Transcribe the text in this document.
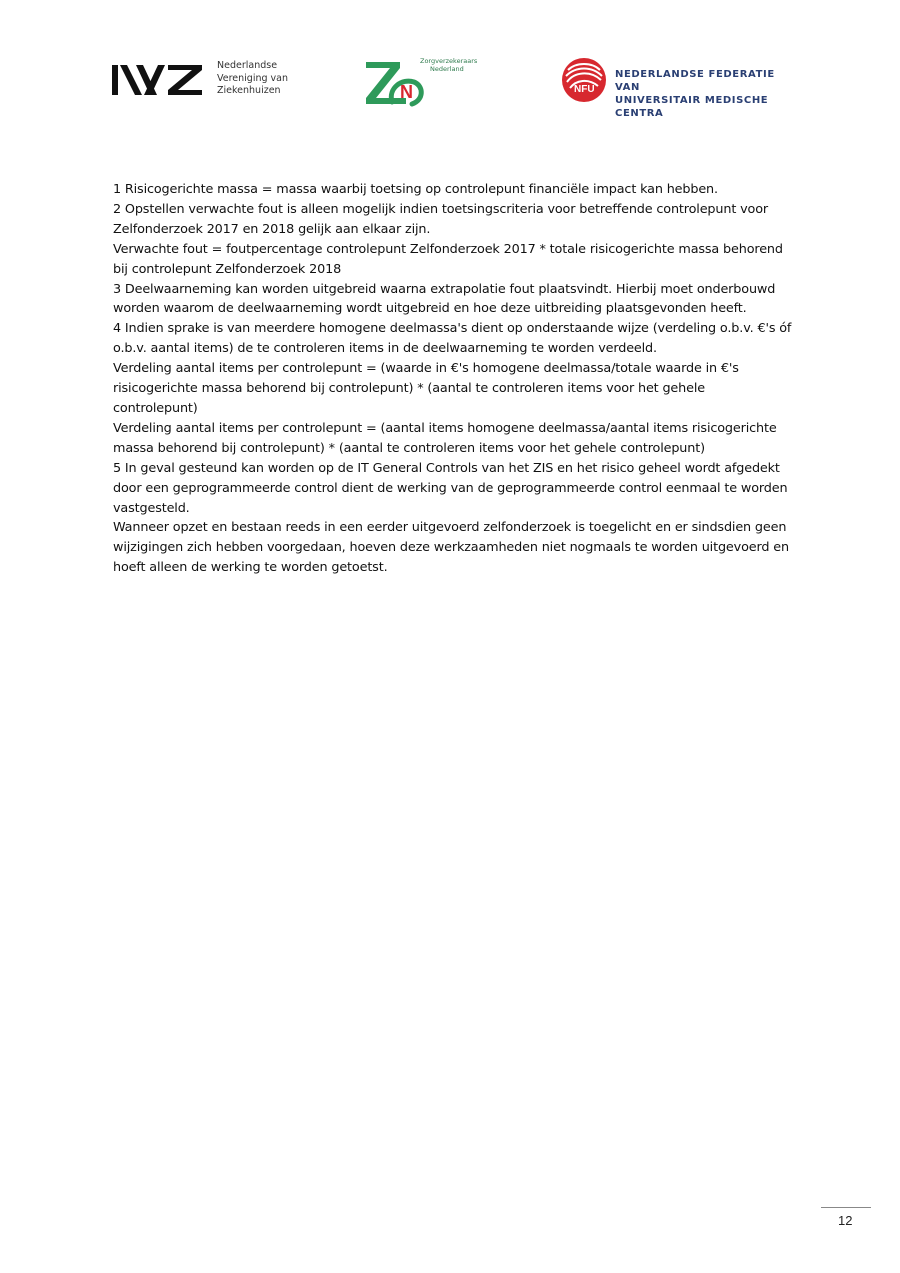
Nederlandse
Vereniging van
Ziekenhuizen	N
Zorgverzekeraars
Nederland
NFU
NEDERLANDSE FEDERATIE VAN
UNIVERSITAIR MEDISCHE CENTRA

1 Risicogerichte massa = massa waarbij toetsing op controlepunt financiële impact kan hebben.

2 Opstellen verwachte fout is alleen mogelijk indien toetsingscriteria voor betreffende controlepunt voor Zelfonderzoek 2017 en 2018 gelijk aan elkaar zijn.

Verwachte fout = foutpercentage controlepunt Zelfonderzoek 2017 * totale risicogerichte massa behorend bij controlepunt Zelfonderzoek 2018

3 Deelwaarneming kan worden uitgebreid waarna extrapolatie fout plaatsvindt. Hierbij moet onderbouwd worden waarom de deelwaarneming wordt uitgebreid en hoe deze uitbreiding plaatsgevonden heeft.

4 Indien sprake is van meerdere homogene deelmassa's dient op onderstaande wijze (verdeling o.b.v. €'s óf o.b.v. aantal items) de te controleren items in de deelwaarneming te worden verdeeld.

Verdeling aantal items per controlepunt = (waarde in €'s homogene deelmassa/totale waarde in €'s risicogerichte massa behorend bij controlepunt) * (aantal te controleren items voor het gehele controlepunt)

Verdeling aantal items per controlepunt = (aantal items homogene deelmassa/aantal items risicogerichte massa behorend bij controlepunt) * (aantal te controleren items voor het gehele controlepunt)

5 In geval gesteund kan worden op de IT General Controls van het ZIS en het risico geheel wordt afgedekt door een geprogrammeerde control dient de werking van de geprogrammeerde control eenmaal te worden vastgesteld.

Wanneer opzet en bestaan reeds in een eerder uitgevoerd zelfonderzoek is toegelicht en er sindsdien geen wijzigingen zich hebben voorgedaan, hoeven deze werkzaamheden niet nogmaals te worden uitgevoerd en hoeft alleen de werking te worden getoetst.

12
